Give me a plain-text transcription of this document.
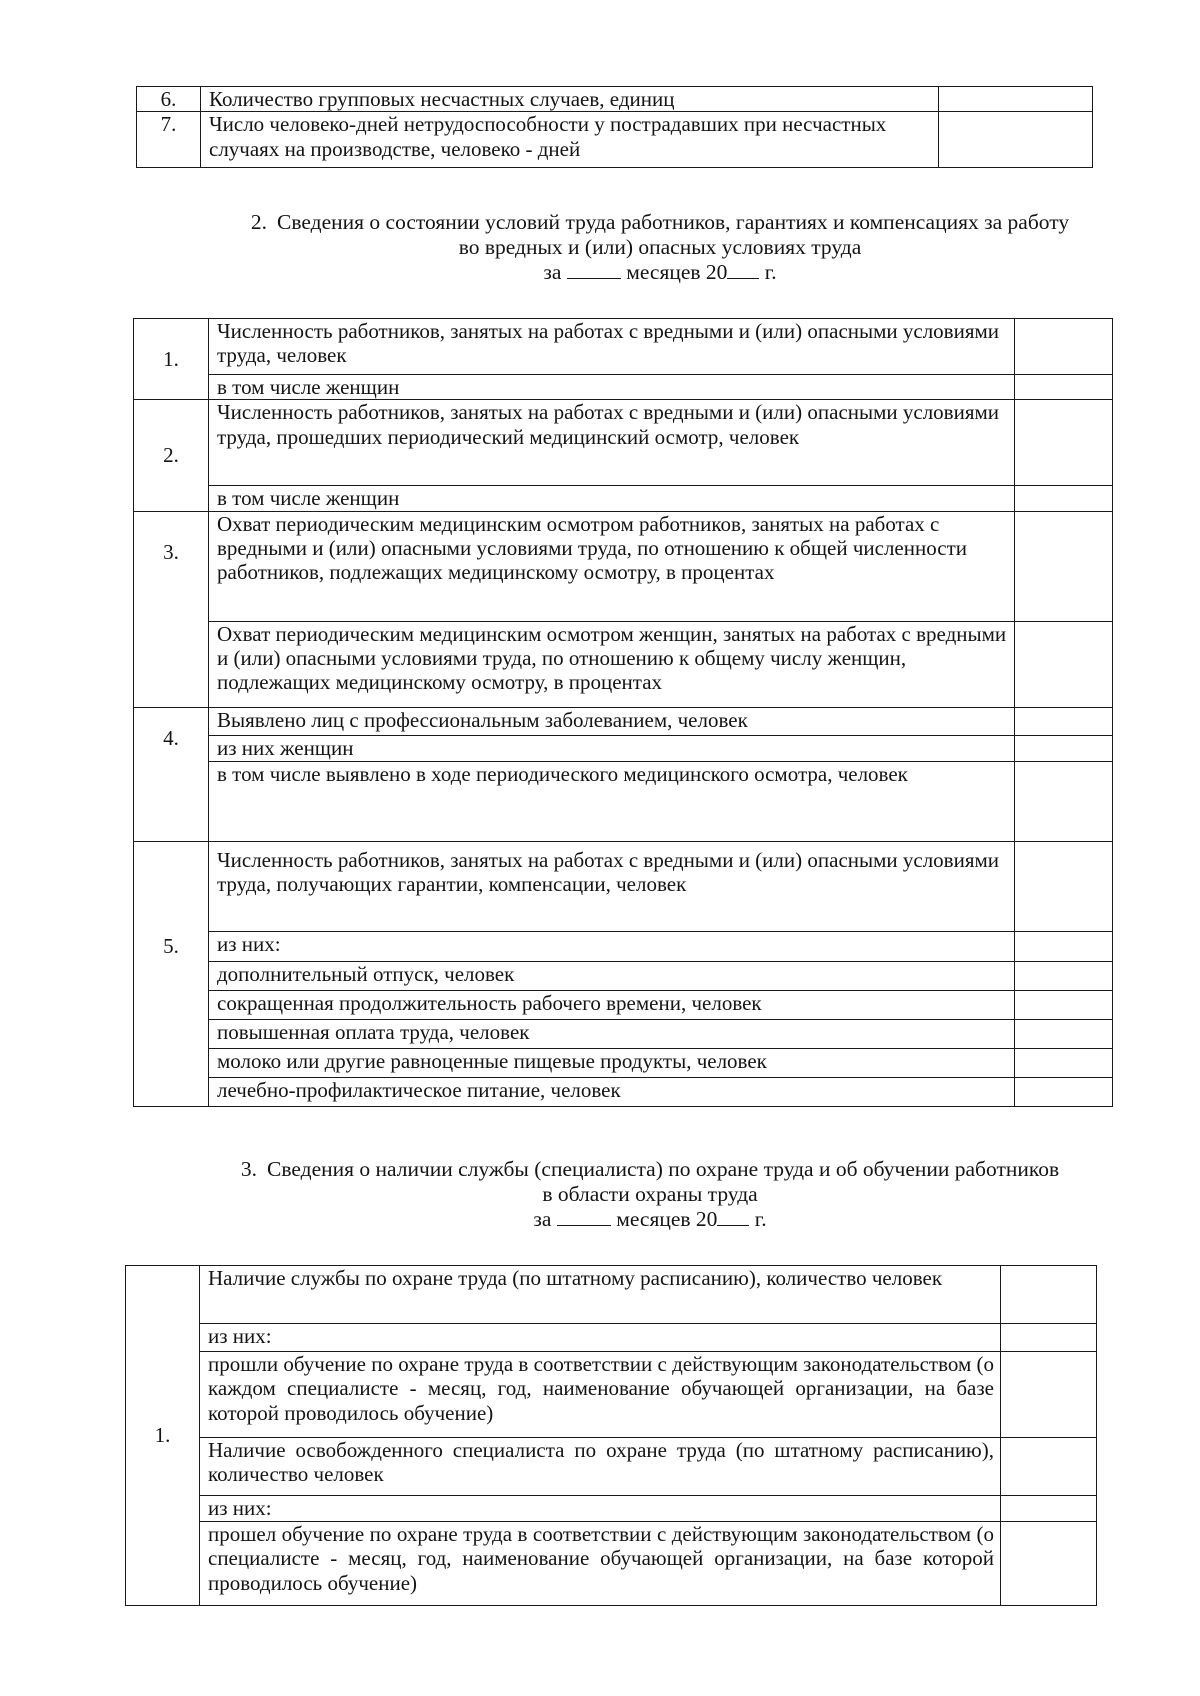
6.	Количество групповых несчастных случаев, единиц	
7.	Число человеко-дней нетрудоспособности у пострадавших при несчастных случаях на производстве, человеко - дней	
2. Сведения о состоянии условий труда работников, гарантиях и компенсациях за работу
во вредных и (или) опасных условиях труда
за	месяцев 20 г.
1.	Численность работников, занятых на работах с вредными и (или) опасными условиями труда, человек	
	в том числе женщин	
2.	Численность работников, занятых на работах с вредными и (или) опасными условиями труда, прошедших периодический медицинский осмотр, человек	
	в том числе женщин	
3.	Охват периодическим медицинским осмотром работников, занятых на работах с вредными и (или) опасными условиями труда, по отношению к общей численности работников, подлежащих медицинскому осмотру, в процентах	
	Охват периодическим медицинским осмотром женщин, занятых на работах с вредными и (или) опасными условиями труда, по отношению к общему числу женщин, подлежащих медицинскому осмотру, в процентах	
4.	Выявлено лиц с профессиональным заболеванием, человек	
	из них женщин	
	в том числе выявлено в ходе периодического медицинского осмотра, человек	
5.	Численность работников, занятых на работах с вредными и (или) опасными условиями труда, получающих гарантии, компенсации, человек	
	из них:	
	дополнительный отпуск, человек	
	сокращенная продолжительность рабочего времени, человек	
	повышенная оплата труда, человек	
	молоко или другие равноценные пищевые продукты, человек	
	лечебно-профилактическое питание, человек	
3. Сведения о наличии службы (специалиста) по охране труда и об обучении работников
в области охраны труда
за	месяцев 20 г.
1.	Наличие службы по охране труда (по штатному расписанию), количество человек	
	из них:	
	прошли обучение по охране труда в соответствии с действующим законодательством (о каждом специалисте - месяц, год, наименование обучающей организации, на базе которой проводилось обучение)	
	Наличие освобожденного специалиста по охране труда (по штатному расписанию), количество человек	
	из них:	
	прошел обучение по охране труда в соответствии с действующим законодательством (о специалисте - месяц, год, наименование обучающей организации, на базе которой проводилось обучение)	
